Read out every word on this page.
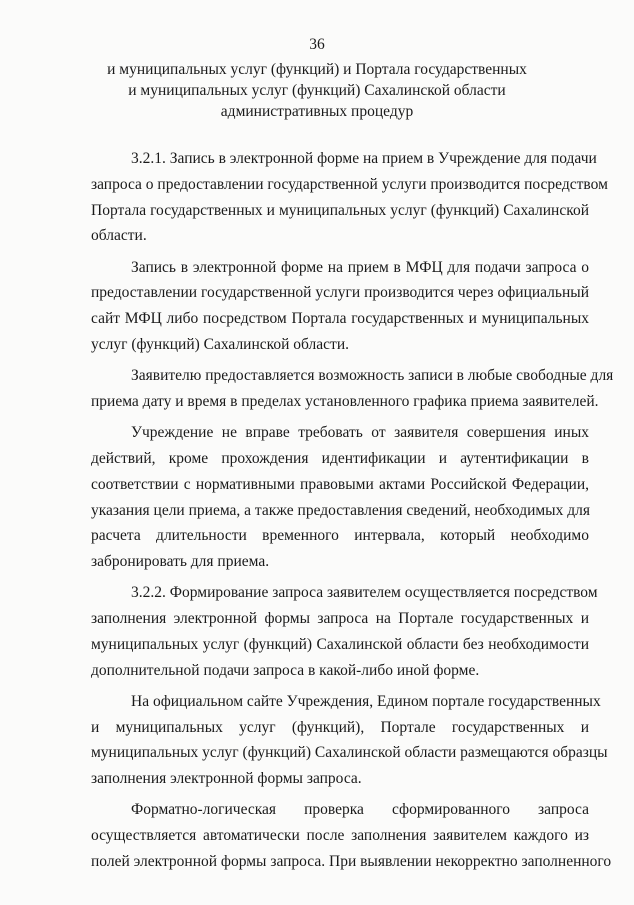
36
и муниципальных услуг (функций) и Портала государственных
и муниципальных услуг (функций) Сахалинской области
административных процедур
3.2.1. Запись в электронной форме на прием в Учреждение для подачи
запроса о предоставлении государственной услуги производится посредством
Портала государственных и муниципальных услуг (функций) Сахалинской
области.
Запись в электронной форме на прием в МФЦ для подачи запроса о
предоставлении государственной услуги производится через официальный
сайт МФЦ либо посредством Портала государственных и муниципальных
услуг (функций) Сахалинской области.
Заявителю предоставляется возможность записи в любые свободные для
приема дату и время в пределах установленного графика приема заявителей.
Учреждение не вправе требовать от заявителя совершения иных
действий, кроме прохождения идентификации и аутентификации в
соответствии с нормативными правовыми актами Российской Федерации,
указания цели приема, а также предоставления сведений, необходимых для
расчета длительности временного интервала, который необходимо
забронировать для приема.
3.2.2. Формирование запроса заявителем осуществляется посредством
заполнения электронной формы запроса на Портале государственных и
муниципальных услуг (функций) Сахалинской области без необходимости
дополнительной подачи запроса в какой-либо иной форме.
На официальном сайте Учреждения, Едином портале государственных
и муниципальных услуг (функций), Портале государственных и
муниципальных услуг (функций) Сахалинской области размещаются образцы
заполнения электронной формы запроса.
Форматно-логическая проверка сформированного запроса
осуществляется автоматически после заполнения заявителем каждого из
полей электронной формы запроса. При выявлении некорректно заполненного
